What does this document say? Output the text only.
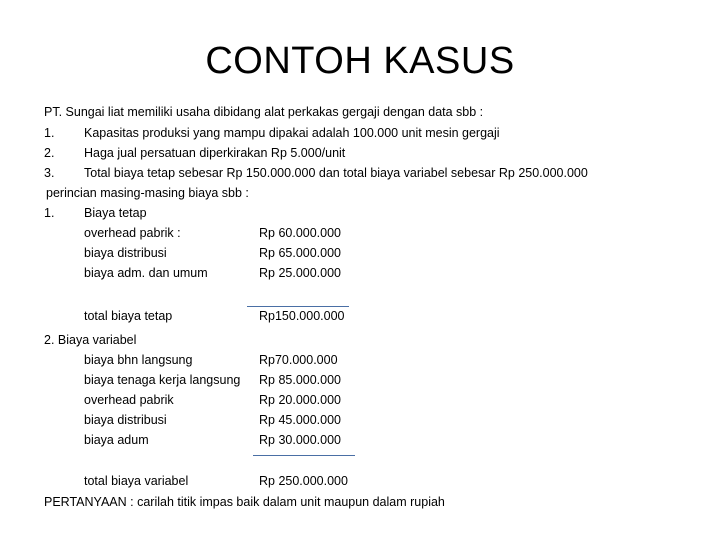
CONTOH KASUS
PT. Sungai liat memiliki usaha dibidang alat perkakas gergaji dengan data sbb :
1. Kapasitas produksi yang mampu dipakai adalah 100.000 unit mesin gergaji
2. Haga jual persatuan diperkirakan Rp 5.000/unit
3. Total biaya tetap sebesar Rp 150.000.000 dan total biaya variabel sebesar Rp 250.000.000
perincian masing-masing biaya sbb :
1. Biaya tetap
overhead pabrik :	Rp 60.000.000
biaya distribusi	Rp 65.000.000
biaya adm. dan umum	Rp 25.000.000
total biaya tetap	Rp150.000.000
2. Biaya variabel
biaya bhn langsung	Rp70.000.000
biaya tenaga kerja langsung Rp 85.000.000
overhead pabrik	Rp 20.000.000
biaya distribusi	Rp 45.000.000
biaya adum	Rp 30.000.000
total biaya variabel	Rp 250.000.000
PERTANYAAN : carilah titik impas baik dalam unit maupun dalam rupiah
